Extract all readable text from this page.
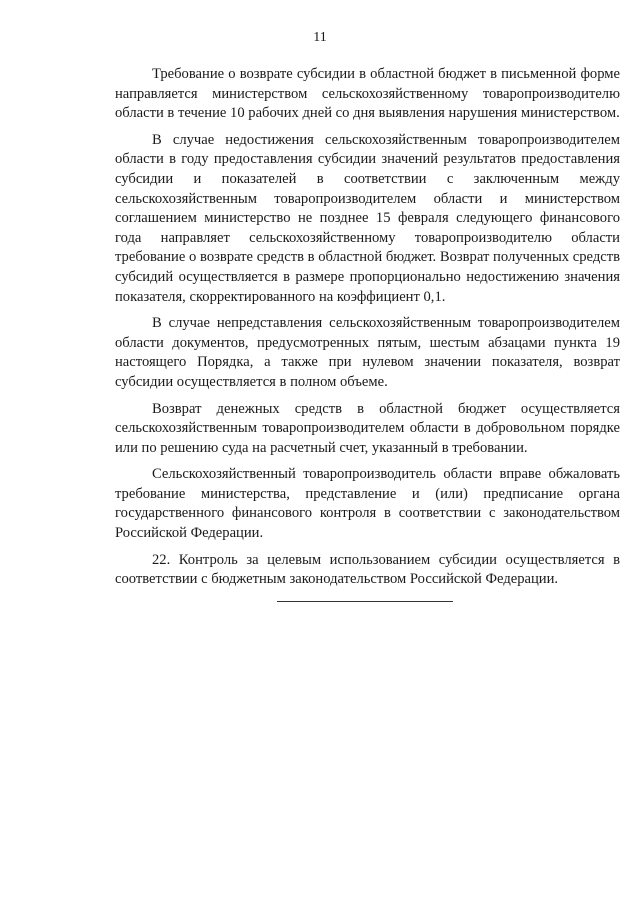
11

Требование о возврате субсидии в областной бюджет в письменной форме направляется министерством сельскохозяйственному товаропроизводителю области в течение 10 рабочих дней со дня выявления нарушения министерством.

В случае недостижения сельскохозяйственным товаропроизводителем области в году предоставления субсидии значений результатов предоставления субсидии и показателей в соответствии с заключенным между сельскохозяйственным товаропроизводителем области и министерством соглашением министерство не позднее 15 февраля следующего финансового года направляет сельскохозяйственному товаропроизводителю области требование о возврате средств в областной бюджет. Возврат полученных средств субсидий осуществляется в размере пропорционально недостижению значения показателя, скорректированного на коэффициент 0,1.

В случае непредставления сельскохозяйственным товаропроизводителем области документов, предусмотренных пятым, шестым абзацами пункта 19 настоящего Порядка, а также при нулевом значении показателя, возврат субсидии осуществляется в полном объеме.

Возврат денежных средств в областной бюджет осуществляется сельскохозяйственным товаропроизводителем области в добровольном порядке или по решению суда на расчетный счет, указанный в требовании.

Сельскохозяйственный товаропроизводитель области вправе обжаловать требование министерства, представление и (или) предписание органа государственного финансового контроля в соответствии с законодательством Российской Федерации.

22. Контроль за целевым использованием субсидии осуществляется в соответствии с бюджетным законодательством Российской Федерации.
